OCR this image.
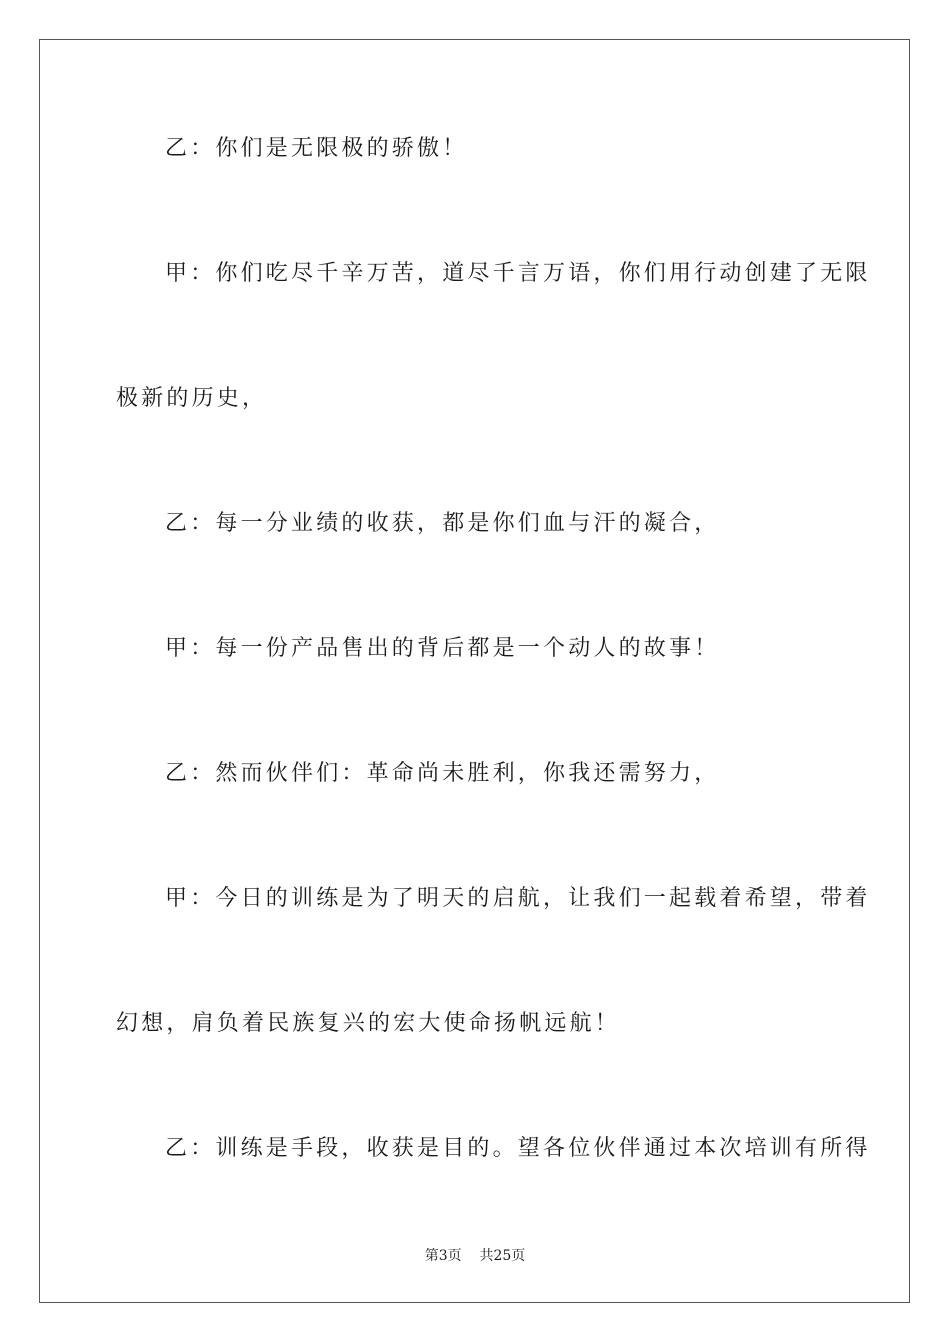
乙：你们是无限极的骄傲！
甲：你们吃尽千辛万苦，道尽千言万语，你们用行动创建了无限
极新的历史，
乙：每一分业绩的收获，都是你们血与汗的凝合，
甲：每一份产品售出的背后都是一个动人的故事！
乙：然而伙伴们：革命尚未胜利，你我还需努力，
甲：今日的训练是为了明天的启航，让我们一起载着希望，带着
幻想，肩负着民族复兴的宏大使命扬帆远航！
乙：训练是手段，收获是目的。望各位伙伴通过本次培训有所得
第3页 共25页
